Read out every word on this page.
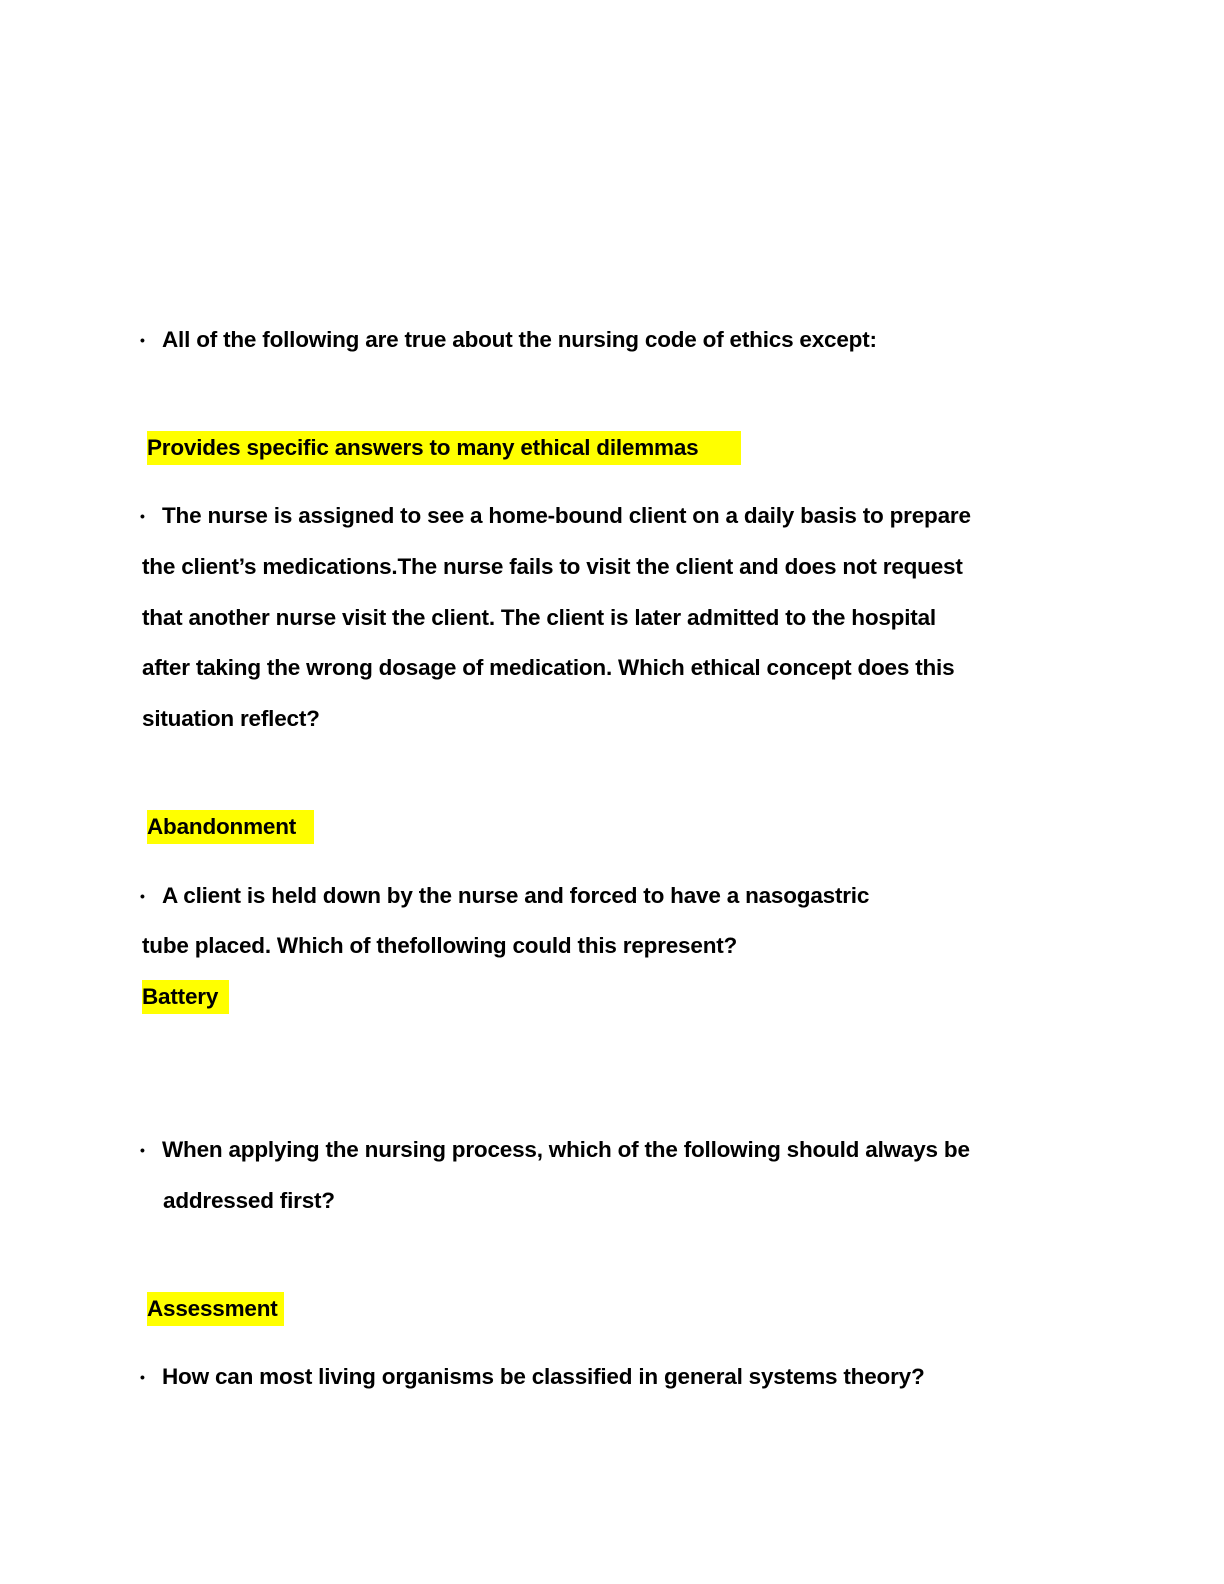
• All of the following are true about the nursing code of ethics except:
Provides specific answers to many ethical dilemmas
• The nurse is assigned to see a home-bound client on a daily basis to prepare
the client’s medications.The nurse fails to visit the client and does not request
that another nurse visit the client. The client is later admitted to the hospital
after taking the wrong dosage of medication. Which ethical concept does this
situation reflect?
Abandonment
• A client is held down by the nurse and forced to have a nasogastric
tube placed. Which of thefollowing could this represent?
Battery
• When applying the nursing process, which of the following should always be
addressed first?
Assessment
• How can most living organisms be classified in general systems theory?
